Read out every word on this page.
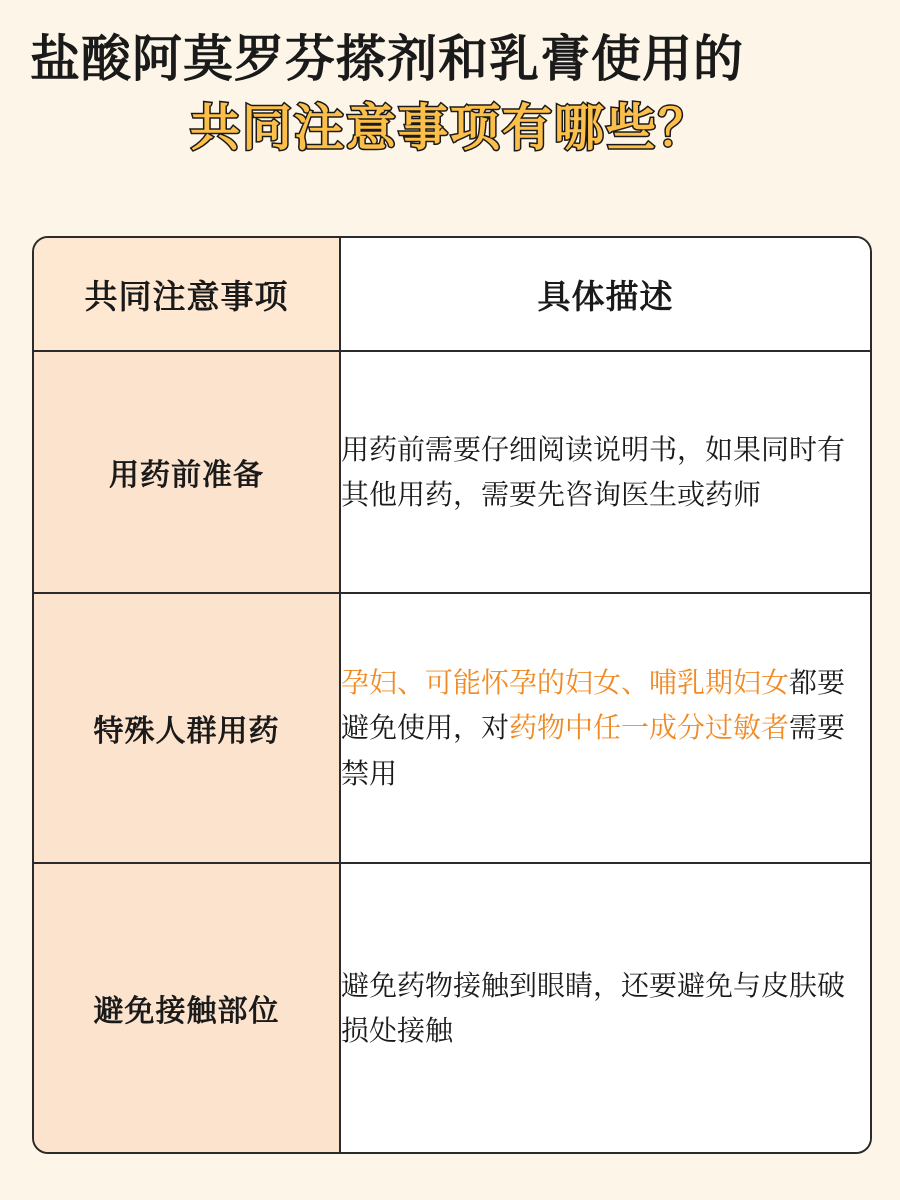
盐酸阿莫罗芬搽剂和乳膏使用的
共同注意事项有哪些？
共同注意事项	具体描述
用药前准备	用药前需要仔细阅读说明书，如果同时有其他用药，需要先咨询医生或药师
特殊人群用药	孕妇、可能怀孕的妇女、哺乳期妇女都要避免使用，对药物中任一成分过敏者需要禁用
避免接触部位	避免药物接触到眼睛，还要避免与皮肤破损处接触
